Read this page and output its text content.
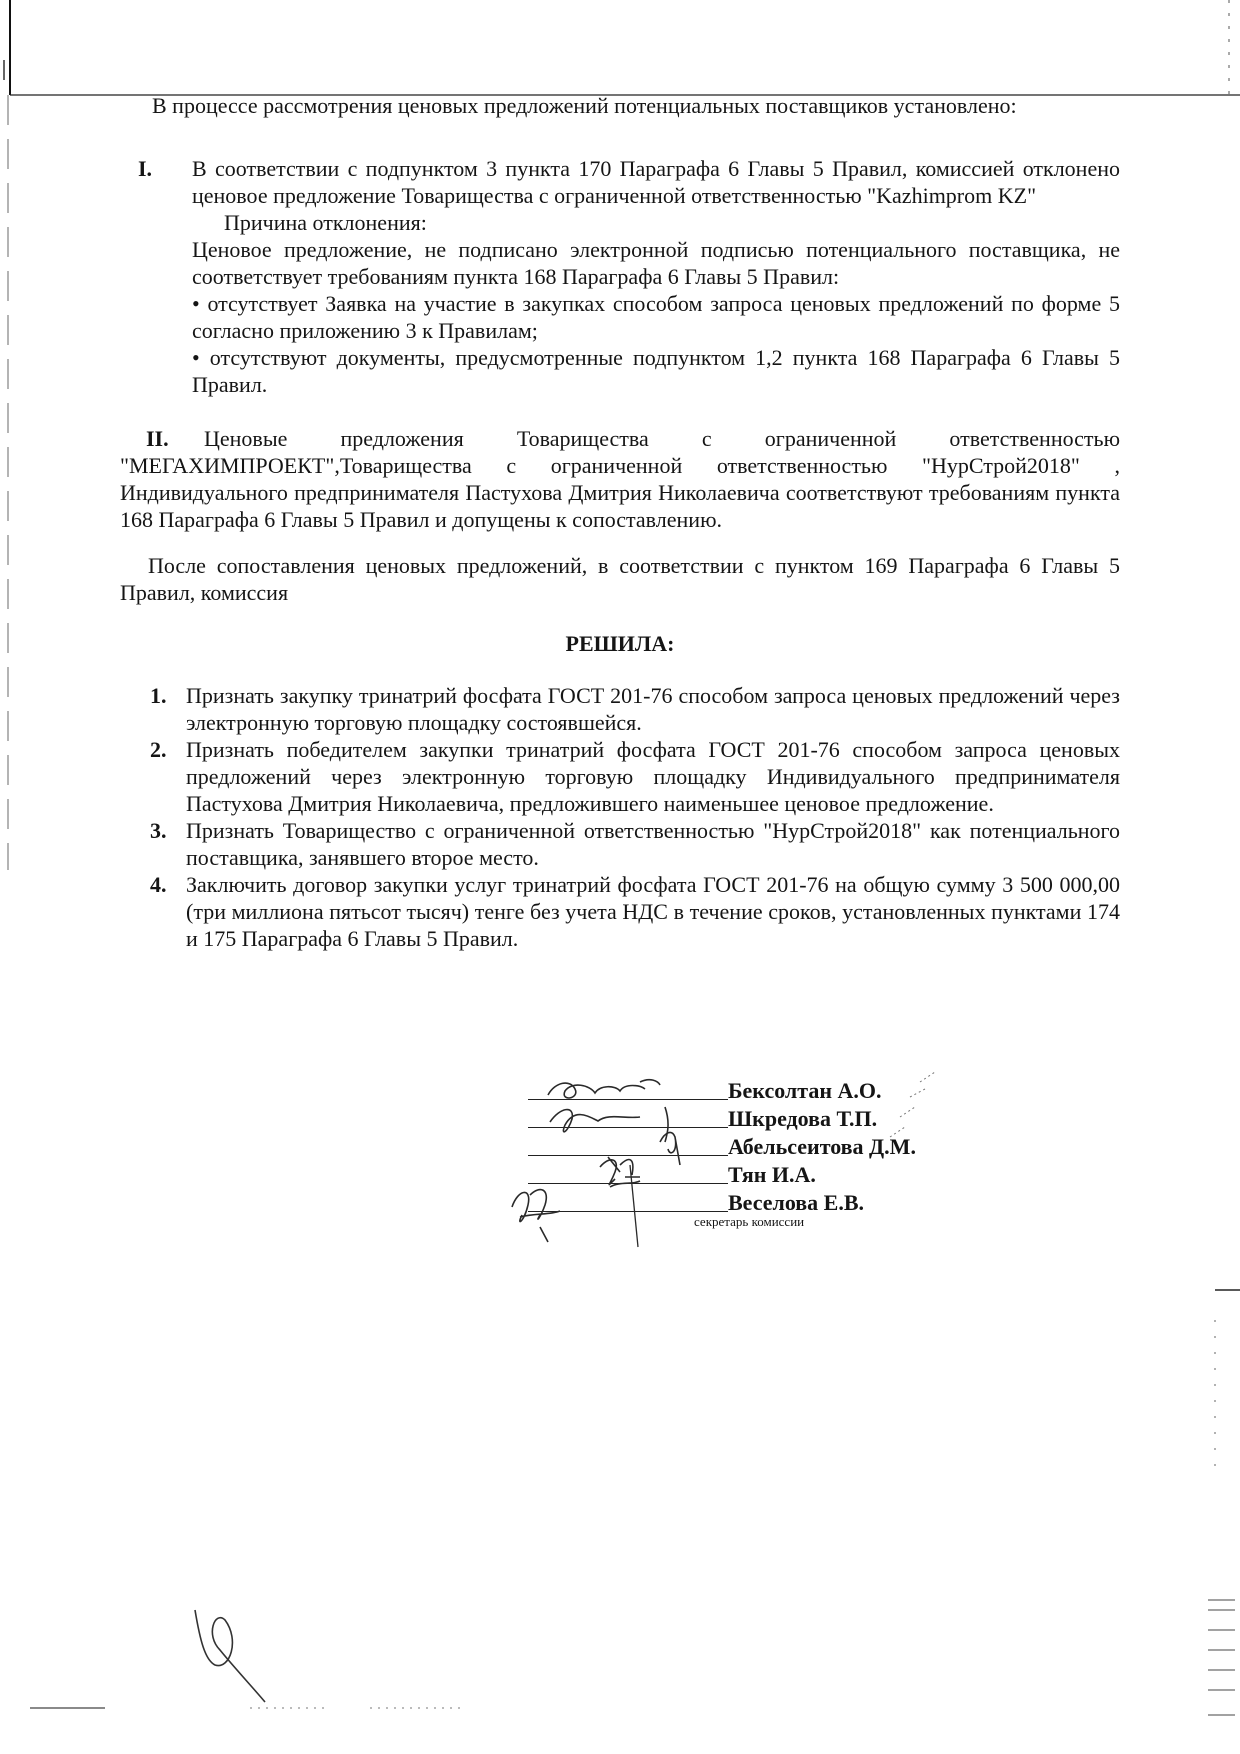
В процессе рассмотрения ценовых предложений потенциальных поставщиков установлено:

I. В соответствии с подпунктом 3 пункта 170 Параграфа 6 Главы 5 Правил, комиссией отклонено ценовое предложение Товарищества с ограниченной ответственностью "Kazhimprom KZ"

Причина отклонения:

Ценовое предложение, не подписано электронной подписью потенциального поставщика, не соответствует требованиям пункта 168 Параграфа 6 Главы 5 Правил:

• отсутствует Заявка на участие в закупках способом запроса ценовых предложений по форме 5 согласно приложению 3 к Правилам;

• отсутствуют документы, предусмотренные подпунктом 1,2 пункта 168 Параграфа 6 Главы 5 Правил.

II.	Ценовые предложения Товарищества с ограниченной ответственностью "МЕГАХИМПРОЕКТ",Товарищества с ограниченной ответственностью "НурСтрой2018" , Индивидуального предпринимателя Пастухова Дмитрия Николаевича соответствуют требованиям пункта 168 Параграфа 6 Главы 5 Правил и допущены к сопоставлению.

После сопоставления ценовых предложений, в соответствии с пунктом 169 Параграфа 6 Главы 5 Правил, комиссия

РЕШИЛА:

1. Признать закупку тринатрий фосфата ГОСТ 201-76 способом запроса ценовых предложений через электронную торговую площадку состоявшейся.

2. Признать победителем закупки тринатрий фосфата ГОСТ 201-76 способом запроса ценовых предложений через электронную торговую площадку Индивидуального предпринимателя Пастухова Дмитрия Николаевича, предложившего наименьшее ценовое предложение.

3. Признать Товарищество с ограниченной ответственностью "НурСтрой2018" как потенциального поставщика, занявшего второе место.

4. Заключить договор закупки услуг тринатрий фосфата ГОСТ 201-76 на общую сумму 3 500 000,00 (три миллиона пятьсот тысяч) тенге без учета НДС в течение сроков, установленных пунктами 174 и 175 Параграфа 6 Главы 5 Правил.

Бексолтан А.О.
Шкредова Т.П.
Абельсеитова Д.М.
Тян И.А.
Веселова Е.В.
секретарь комиссии
